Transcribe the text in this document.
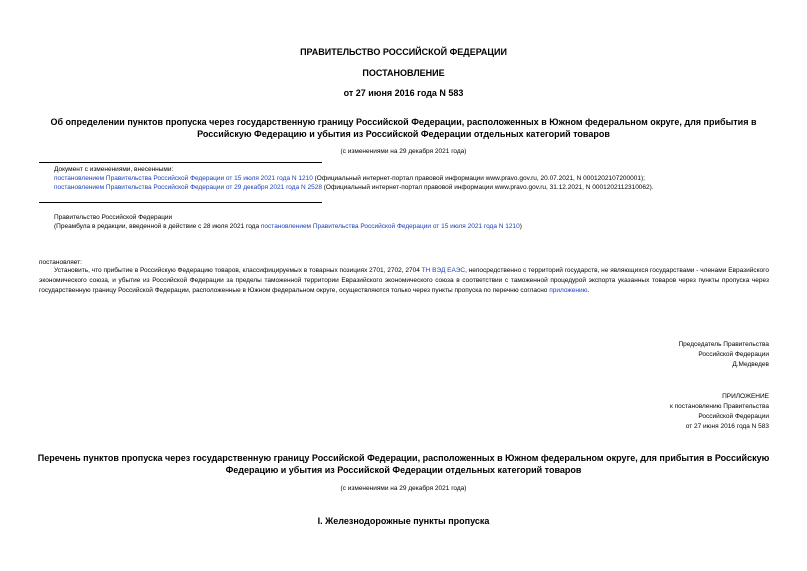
ПРАВИТЕЛЬСТВО РОССИЙСКОЙ ФЕДЕРАЦИИ
ПОСТАНОВЛЕНИЕ
от 27 июня 2016 года N 583
Об определении пунктов пропуска через государственную границу Российской Федерации, расположенных в Южном федеральном округе, для прибытия в
Российскую Федерацию и убытия из Российской Федерации отдельных категорий товаров
(с изменениями на 29 декабря 2021 года)
Документ с изменениями, внесенными:
постановлением Правительства Российской Федерации от 15 июля 2021 года N 1210 (Официальный интернет-портал правовой информации www.pravo.gov.ru, 20.07.2021, N 0001202107200001);
постановлением Правительства Российской Федерации от 29 декабря 2021 года N 2528 (Официальный интернет-портал правовой информации www.pravo.gov.ru, 31.12.2021, N 0001202112310062).
Правительство Российской Федерации
(Преамбула в редакции, введенной в действие с 28 июля 2021 года постановлением Правительства Российской Федерации от 15 июля 2021 года N 1210)
постановляет:

Установить, что прибытие в Российскую Федерацию товаров, классифицируемых в товарных позициях 2701, 2702, 2704 ТН ВЭД ЕАЭС, непосредственно с территорий государств, не являющихся государствами - членами Евразийского экономического союза, и убытие из Российской Федерации за пределы таможенной территории Евразийского экономического союза в соответствии с таможенной процедурой экспорта указанных товаров через пункты пропуска через государственную границу Российской Федерации, расположенные в Южном федеральном округе, осуществляются только через пункты пропуска по перечню согласно приложению.

Председатель Правительства
Российской Федерации
Д.Медведев
ПРИЛОЖЕНИЕ
к постановлению Правительства
Российской Федерации
от 27 июня 2016 года N 583
Перечень пунктов пропуска через государственную границу Российской Федерации, расположенных в Южном федеральном округе, для прибытия в Российскую
Федерацию и убытия из Российской Федерации отдельных категорий товаров
(с изменениями на 29 декабря 2021 года)
I. Железнодорожные пункты пропуска
